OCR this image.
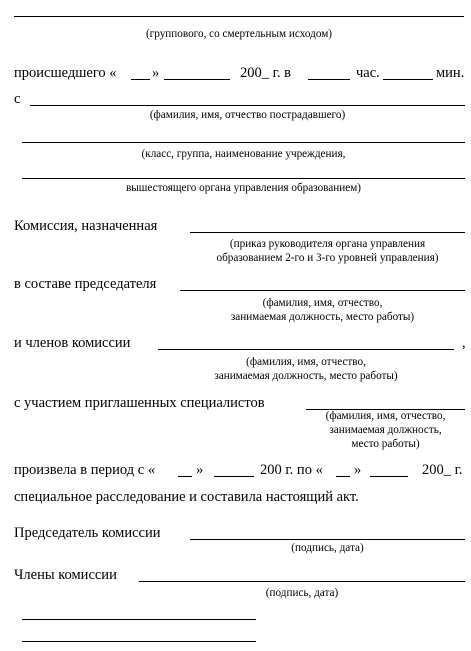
(группового, со смертельным исходом)
происшедшего « »	200_ г. в	час.	мин.
с
(фамилия, имя, отчество пострадавшего)
(класс, группа, наименование учреждения,
вышестоящего органа управления образованием)
Комиссия, назначенная
(приказ руководителя органа управления
образованием 2-го и 3-го уровней управления)
в составе председателя
(фамилия, имя, отчество,
занимаемая должность, место работы)
и членов комиссии	,
(фамилия, имя, отчество,
занимаемая должность, место работы)
с участием приглашенных специалистов
(фамилия, имя, отчество,
занимаемая должность,
место работы)
произвела в период с «	»	200 г. по « »	200_ г.
специальное расследование и составила настоящий акт.
Председатель комиссии
(подпись, дата)
Члены комиссии
(подпись, дата)
